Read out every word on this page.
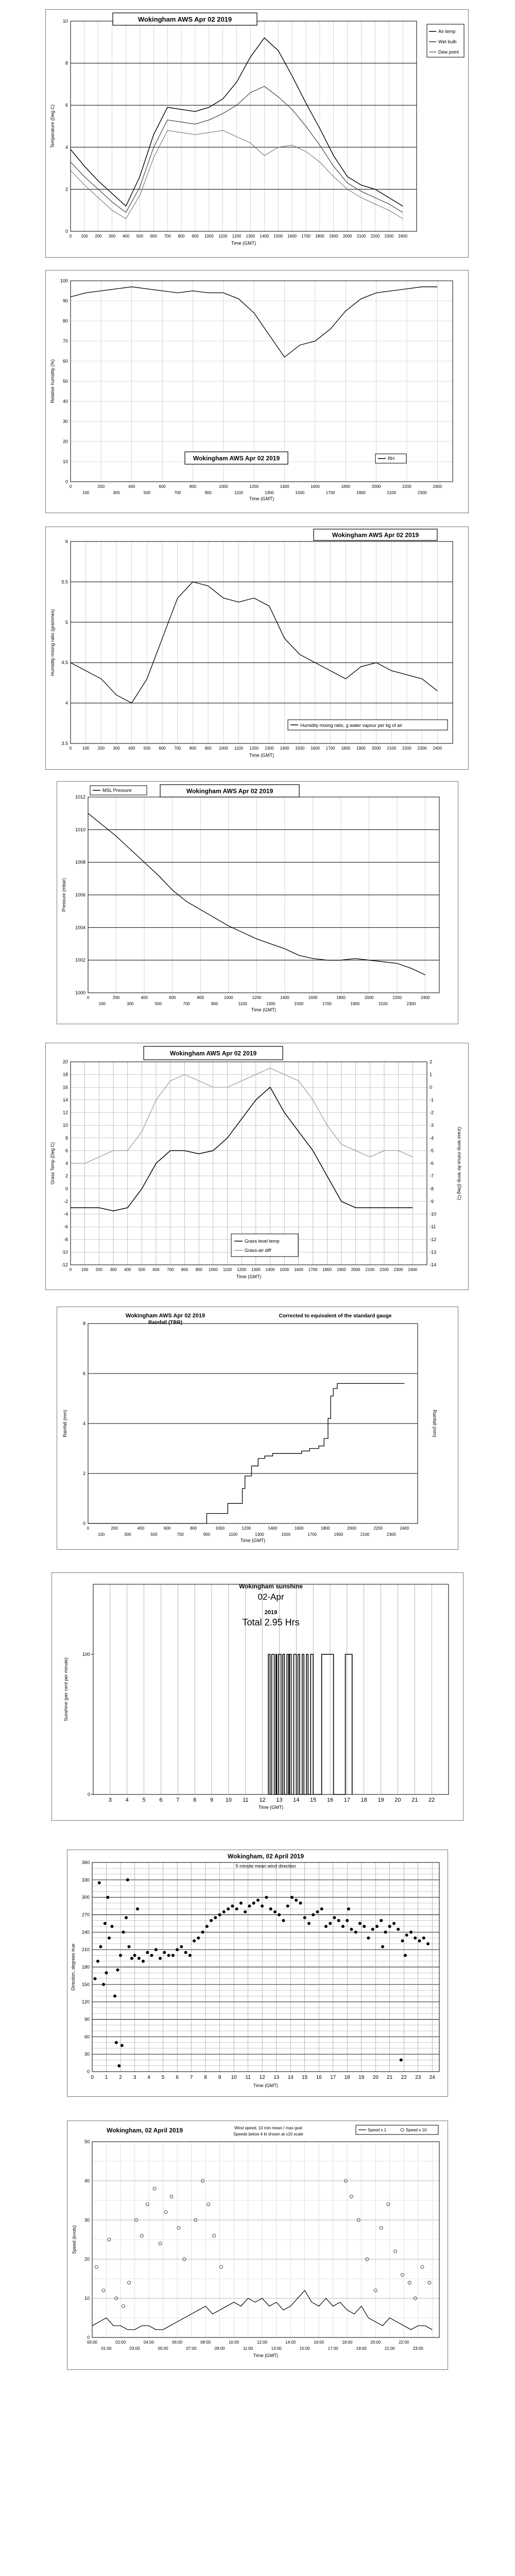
0 100 200 300 400 500 600 700 800 900 1000 1100 1200 1300 1400 1500 1600 1700 1800 1900 2000 2100 2200 2300 2400
0
2
4
6
8
10
Time (GMT)
Temperature (Deg C)
Wokingham AWS Apr 02 2019
Air temp
Wet bulb
Dew point
0	200	400	600	800	1000	1200	1400	1600	1800	2000	2200	2400
100	300	500	700	900	1100	1300	1500	1700	1900	2100	2300
0
10
20
30
40
50
60
70
80
90
100
Time (GMT)
Relative humidity (%)
Wokingham AWS Apr 02 2019	RH
0	100 200 300 400 500 600 700 800 900 1000 1100 1200 1300 1400 1500 1600 1700 1800 1900 2000 2100 2200 2300 2400
3.5
4
4.5
5
5.5
6
Time (GMT)
Humidity mixing ratio (grammes)
Wokingham AWS Apr 02 2019
Humidity mixing ratio, g water vapour per kg of air
0	200	400	600	800	1000	1200	1400	1600	1800	2000	2200	2400
100	300	500	700	900	1100	1300	1500	1700	1900	2100	2300
1000
1002
1004
1006
1008
1010
1012
Time (GMT)
Pressure (mbar)
Wokingham AWS Apr 02 2019
MSL Pressure
0 100 200 300 400 500 600 700 800 900 1000 1100 1200 1300 1400 1500 1600 1700 1800 1900 2000 2100 2200 2300 2400
-12
-10
-8
-6
-4
-2
0
2
4
6
8
10
12
14
16
18
20
-14
-13
-12
-11
-10
-9
-8
-7
-6
-5
-4
-3
-2
-1
0
1
2
Time (GMT)
Grass Temp (Deg C)	Grass temp minus Air temp (Deg C)
Wokingham AWS Apr 02 2019
Grass level temp
Grass-air diff
0	200	400	600	800	1000	1200	1400	1600	1800	2000	2200	2400
100	300	500	700	900	1100	1300	1500	1700	1900	2100	2300
0
2
4
6
8
Time (GMT)
Rainfall (mm)	Rainfall (mm)
Wokingham AWS Apr 02 2019
Rainfall (TBR)
Corrected to equivalent of the standard gauge
3 4 5 6 7 8 9 10 11 12 13 14 15 16 17 18 19 20 21 22
0
100
Time (GMT)
Sunshine (per cent per minute)
Wokingham sunshine
02-Apr
2019
Total 2.95 Hrs
0 1 2 3 4 5 6 7 8 9 10 11 12 13 14 15 16 17 18 19 20 21 22 23 24
0
30
60
90
120
150
180
210
240
270
300
330
360
Time (GMT)
Direction, degrees true
Wokingham, 02 April 2019
5 minute mean wind direction
00:00	02:00	04:00	06:00	08:00	10:00	12:00	14:00	16:00	18:00	20:00	22:00
01:00	03:00	05:00	07:00	09:00	11:00	13:00	15:00	17:00	19:00	21:00	23:00
0
10
20
30
40
50
Time (GMT)
Speed (knots)
Wokingham, 02 April 2019	Wind speed, 10 min mean / max gust
Speeds below 4 kt shown at x10 scale
Speed x 1	Speed x 10
